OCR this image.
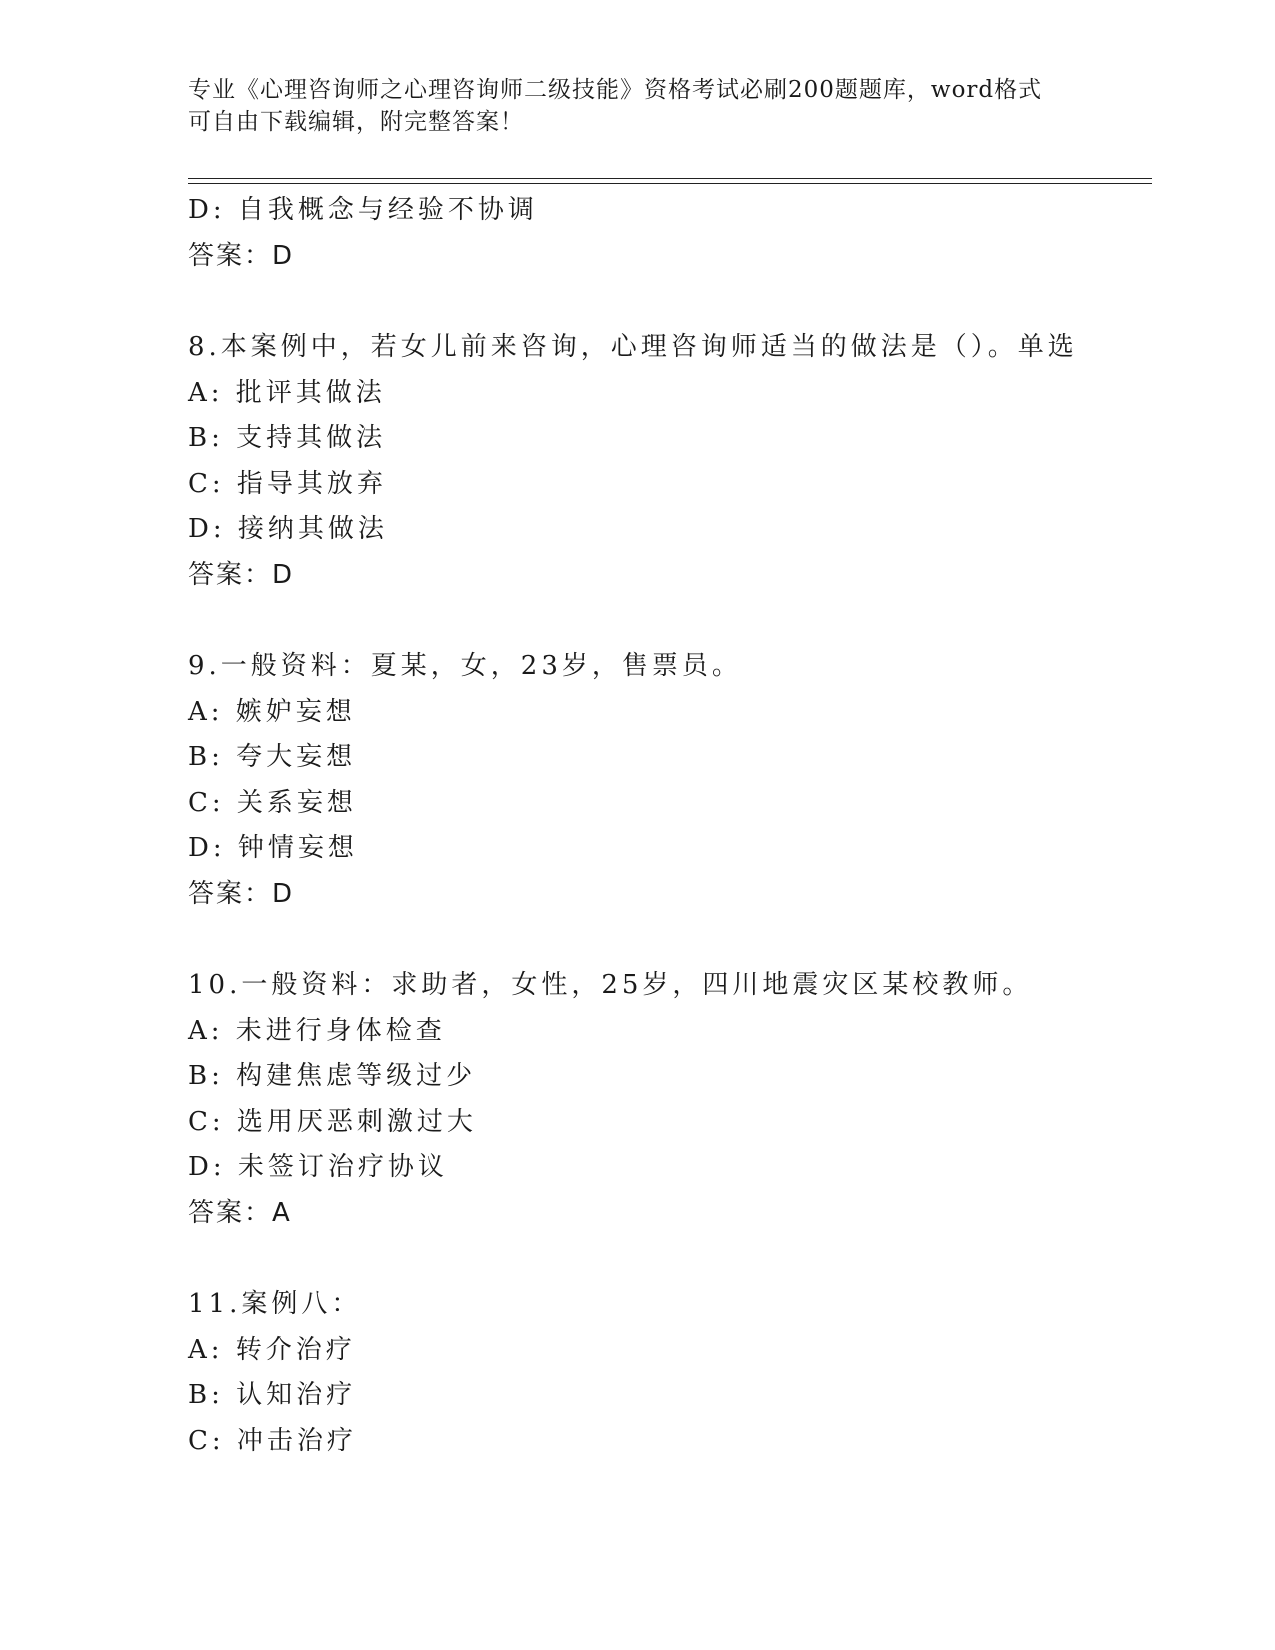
专业《心理咨询师之心理咨询师二级技能》资格考试必刷200题题库，word格式
可自由下载编辑，附完整答案！
D: 自我概念与经验不协调
答案：D
8.本案例中，若女儿前来咨询，心理咨询师适当的做法是（）。单选
A: 批评其做法
B: 支持其做法
C: 指导其放弃
D: 接纳其做法
答案：D
9.一般资料：夏某，女，23岁，售票员。
A: 嫉妒妄想
B: 夸大妄想
C: 关系妄想
D: 钟情妄想
答案：D
10.一般资料：求助者，女性，25岁，四川地震灾区某校教师。
A: 未进行身体检查
B: 构建焦虑等级过少
C: 选用厌恶刺激过大
D: 未签订治疗协议
答案：A
11.案例八：
A: 转介治疗
B: 认知治疗
C: 冲击治疗
